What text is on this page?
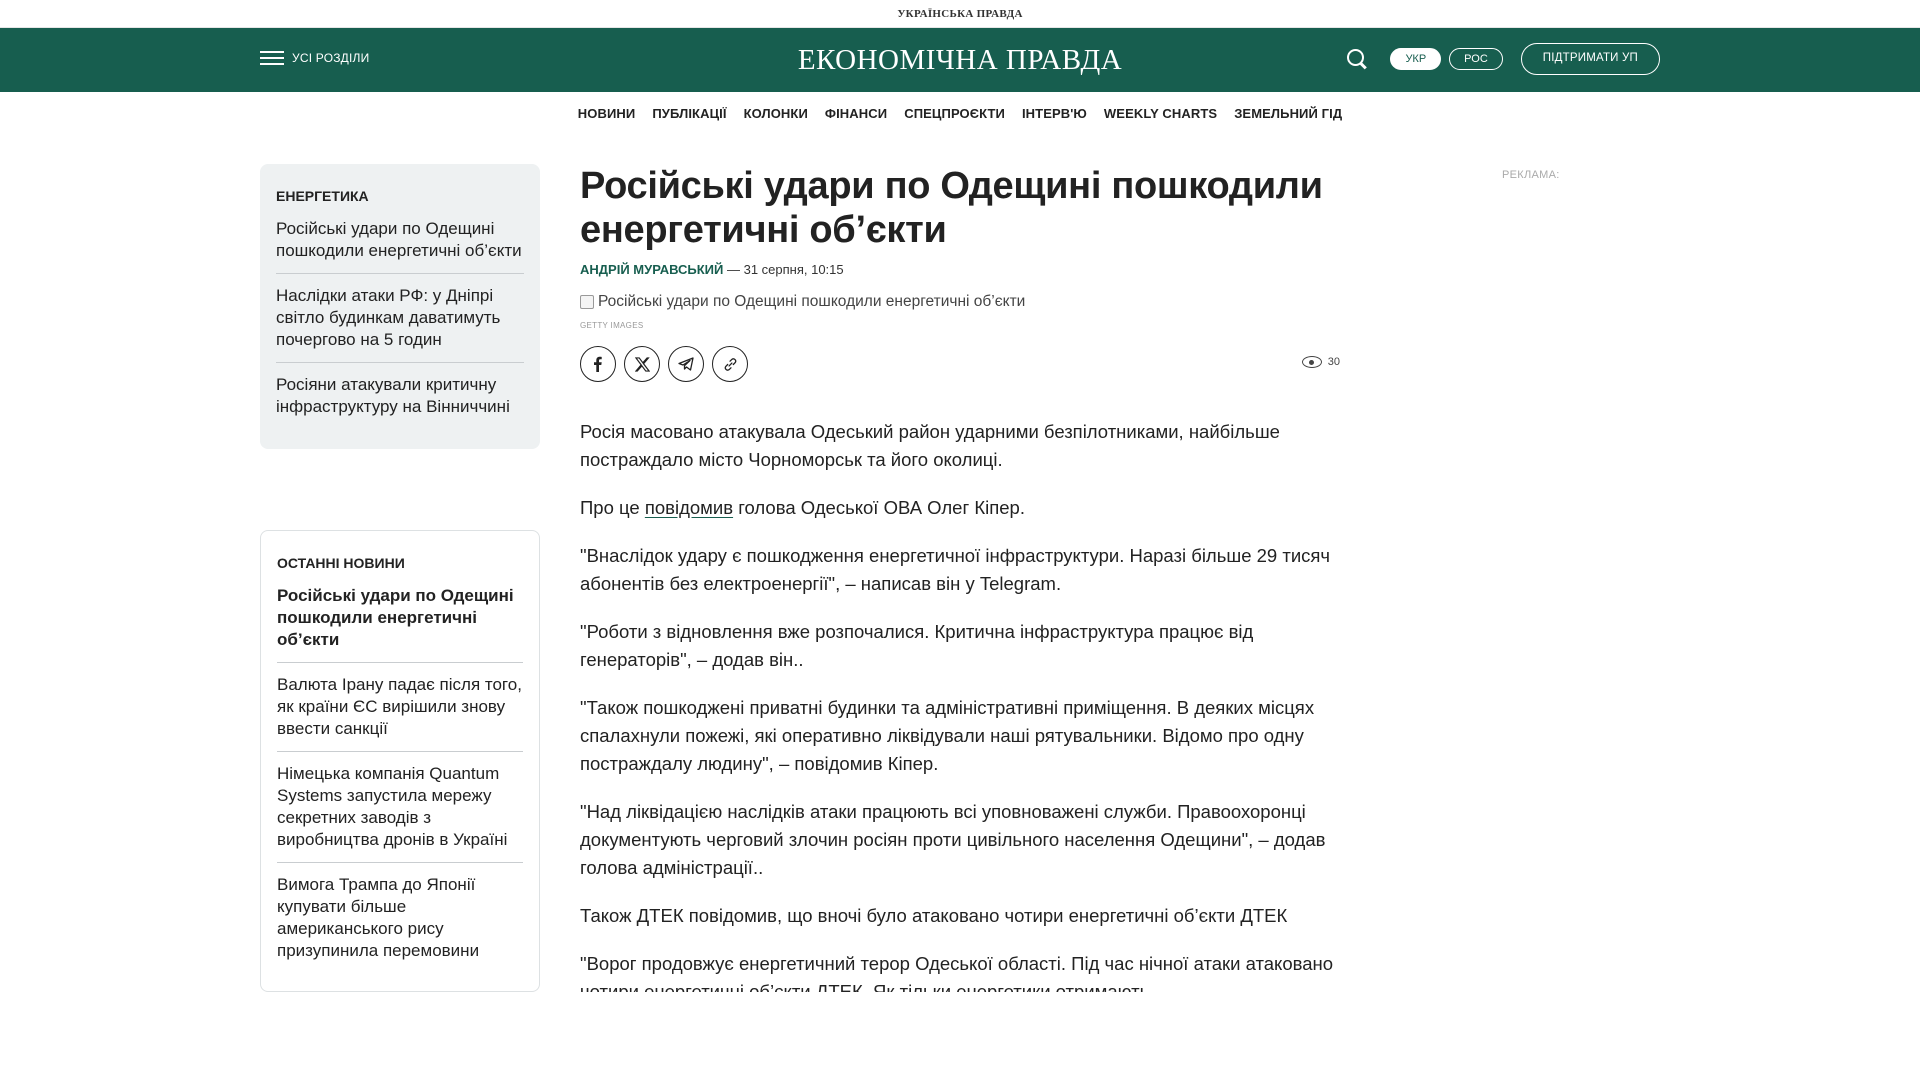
УКРАЇНСЬКА ПРАВДА
УСІ РОЗДІЛИ	ЕКОНОМІЧНА ПРАВДА	УКР	РОС	ПІДТРИМАТИ УП
НОВИНИ ПУБЛІКАЦІЇ КОЛОНКИ ФІНАНСИ СПЕЦПРОЄКТИ ІНТЕРВ'Ю WEEKLY CHARTS ЗЕМЕЛЬНИЙ ГІД
ЕНЕРГЕТИКА
Російські удари по Одещині пошкодили енергетичні об’єкти
Наслідки атаки РФ: у Дніпрі світло будинкам даватимуть почергово на 5 годин
Росіяни атакували критичну інфраструктуру на Вінниччині
ОСТАННІ НОВИНИ
Російські удари по Одещині пошкодили енергетичні об’єкти
Валюта Ірану падає після того, як країни ЄС вирішили знову ввести санкції
Німецька компанія Quantum Systems запустила мережу секретних заводів з виробництва дронів в Україні
Вимога Трампа до Японії купувати більше американського рису призупинила перемовини
Російські удари по Одещині пошкодили енергетичні об’єкти
АНДРІЙ МУРАВСЬКИЙ — 31 серпня, 10:15
Російські удари по Одещині пошкодили енергетичні об’єкти
GETTY IMAGES
30

Росія масовано атакувала Одеський район ударними безпілотниками, найбільше постраждало місто Чорноморськ та його околиці.

Про це повідомив голова Одеської ОВА Олег Кіпер.

"Внаслідок удару є пошкодження енергетичної інфраструктури. Наразі більше 29 тисяч абонентів без електроенергії", – написав він у Telegram.

"Роботи з відновлення вже розпочалися. Критична інфраструктура працює від генераторів", – додав він..

"Також пошкоджені приватні будинки та адміністративні приміщення. В деяких місцях спалахнули пожежі, які оперативно ліквідували наші рятувальники. Відомо про одну постраждалу людину", – повідомив Кіпер.

"Над ліквідацією наслідків атаки працюють всі уповноважені служби. Правоохоронці документують черговий злочин росіян проти цивільного населення Одещини", – додав голова адміністрації..

Також ДТЕК повідомив, що вночі було атаковано чотири енергетичні об’єкти ДТЕК

"Ворог продовжує енергетичний терор Одеської області. Під час нічної атаки атаковано

РЕКЛАМА:
